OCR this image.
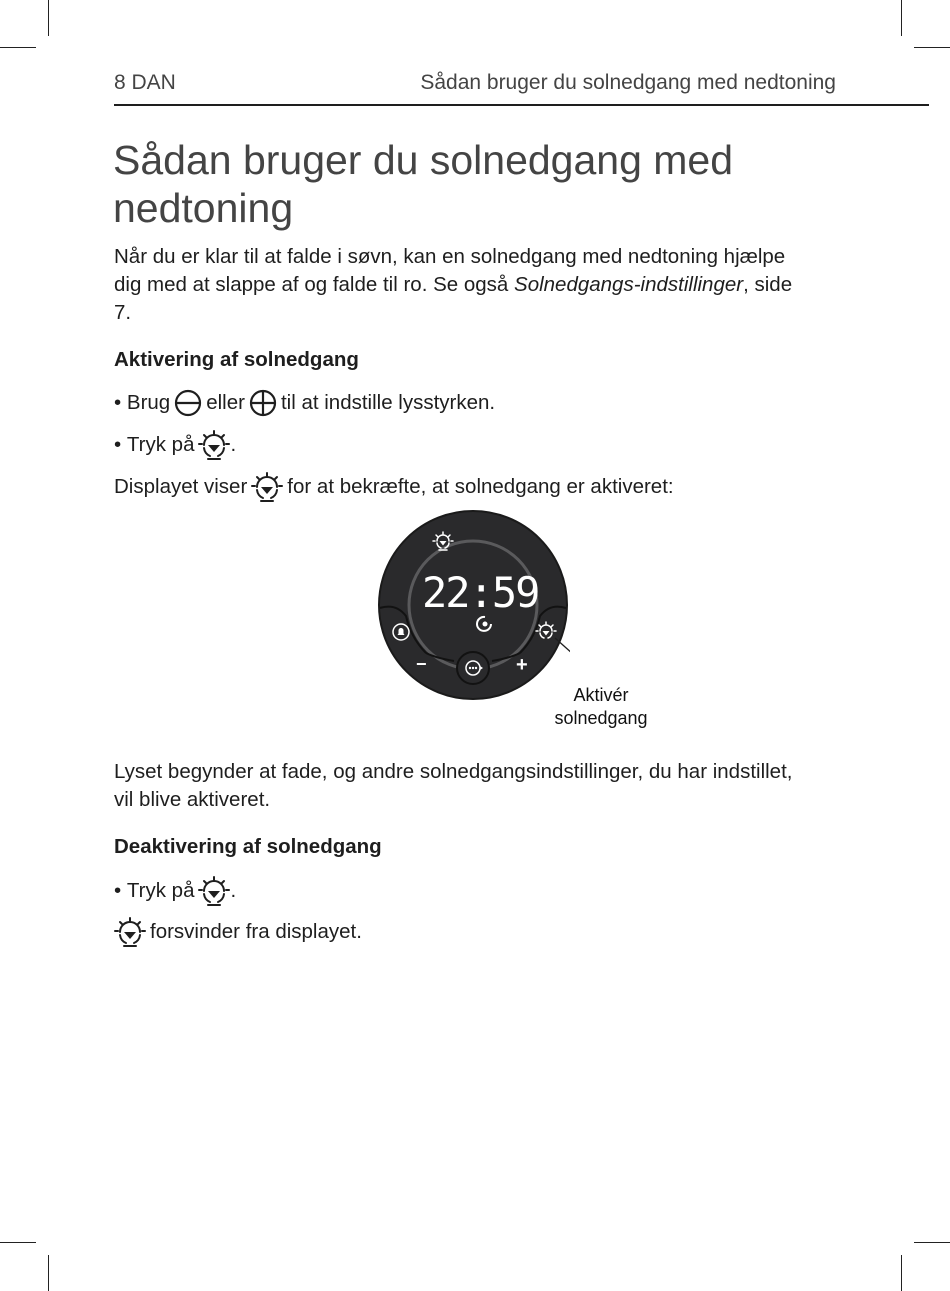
8 DAN	Sådan bruger du solnedgang med nedtoning
Sådan bruger du solnedgang med nedtoning

Når du er klar til at falde i søvn, kan en solnedgang med nedtoning hjælpe dig med at slappe af og falde til ro. Se også Solnedgangs-indstillinger, side 7.

Aktivering af solnedgang
•
Brug eller til at indstille lysstyrken.
•
Tryk på .
Displayet viser for at bekræfte, at solnedgang er aktiveret:
22:59
−	+
Aktivér solnedgang

Lyset begynder at fade, og andre solnedgangsindstillinger, du har indstillet, vil blive aktiveret.

Deaktivering af solnedgang
•
Tryk på .
forsvinder fra displayet.
